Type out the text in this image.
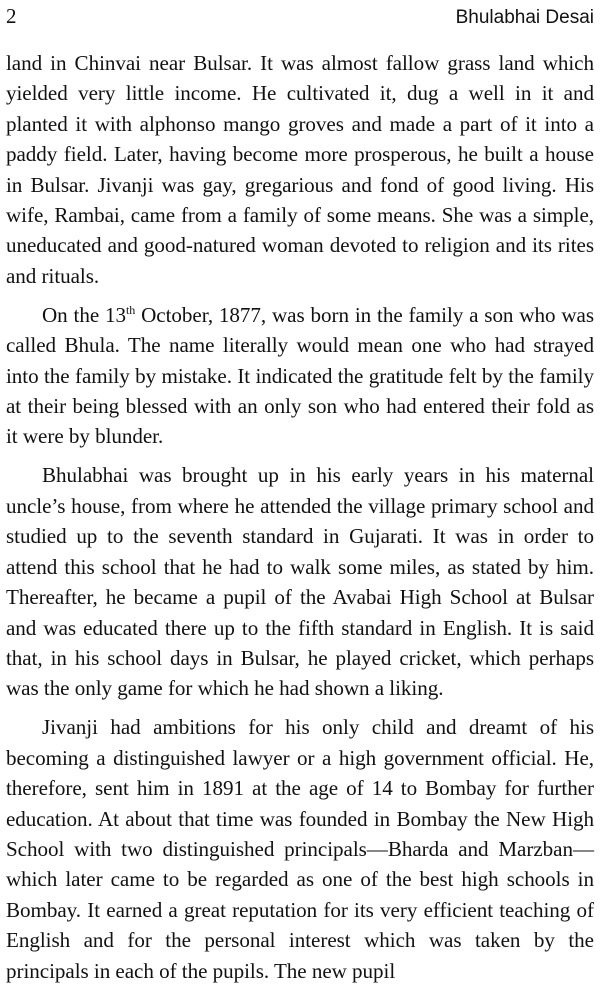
2	Bhulabhai Desai

land in Chinvai near Bulsar. It was almost fallow grass land which yielded very little income. He cultivated it, dug a well in it and planted it with alphonso mango groves and made a part of it into a paddy field. Later, having become more prosperous, he built a house in Bulsar. Jivanji was gay, gregarious and fond of good living. His wife, Rambai, came from a family of some means. She was a simple, uneducated and good-natured woman devoted to religion and its rites and rituals.

On the 13th October, 1877, was born in the family a son who was called Bhula. The name literally would mean one who had strayed into the family by mistake. It indicated the gratitude felt by the family at their being blessed with an only son who had entered their fold as it were by blunder.

Bhulabhai was brought up in his early years in his maternal uncle’s house, from where he attended the village primary school and studied up to the seventh standard in Gujarati. It was in order to attend this school that he had to walk some miles, as stated by him. Thereafter, he became a pupil of the Avabai High School at Bulsar and was educated there up to the fifth standard in English. It is said that, in his school days in Bulsar, he played cricket, which perhaps was the only game for which he had shown a liking.

Jivanji had ambitions for his only child and dreamt of his becoming a distinguished lawyer or a high government official. He, therefore, sent him in 1891 at the age of 14 to Bombay for further education. At about that time was founded in Bombay the New High School with two distinguished principals—Bharda and Marzban—which later came to be regarded as one of the best high schools in Bombay. It earned a great reputation for its very efficient teaching of English and for the personal interest which was taken by the principals in each of the pupils. The new pupil
